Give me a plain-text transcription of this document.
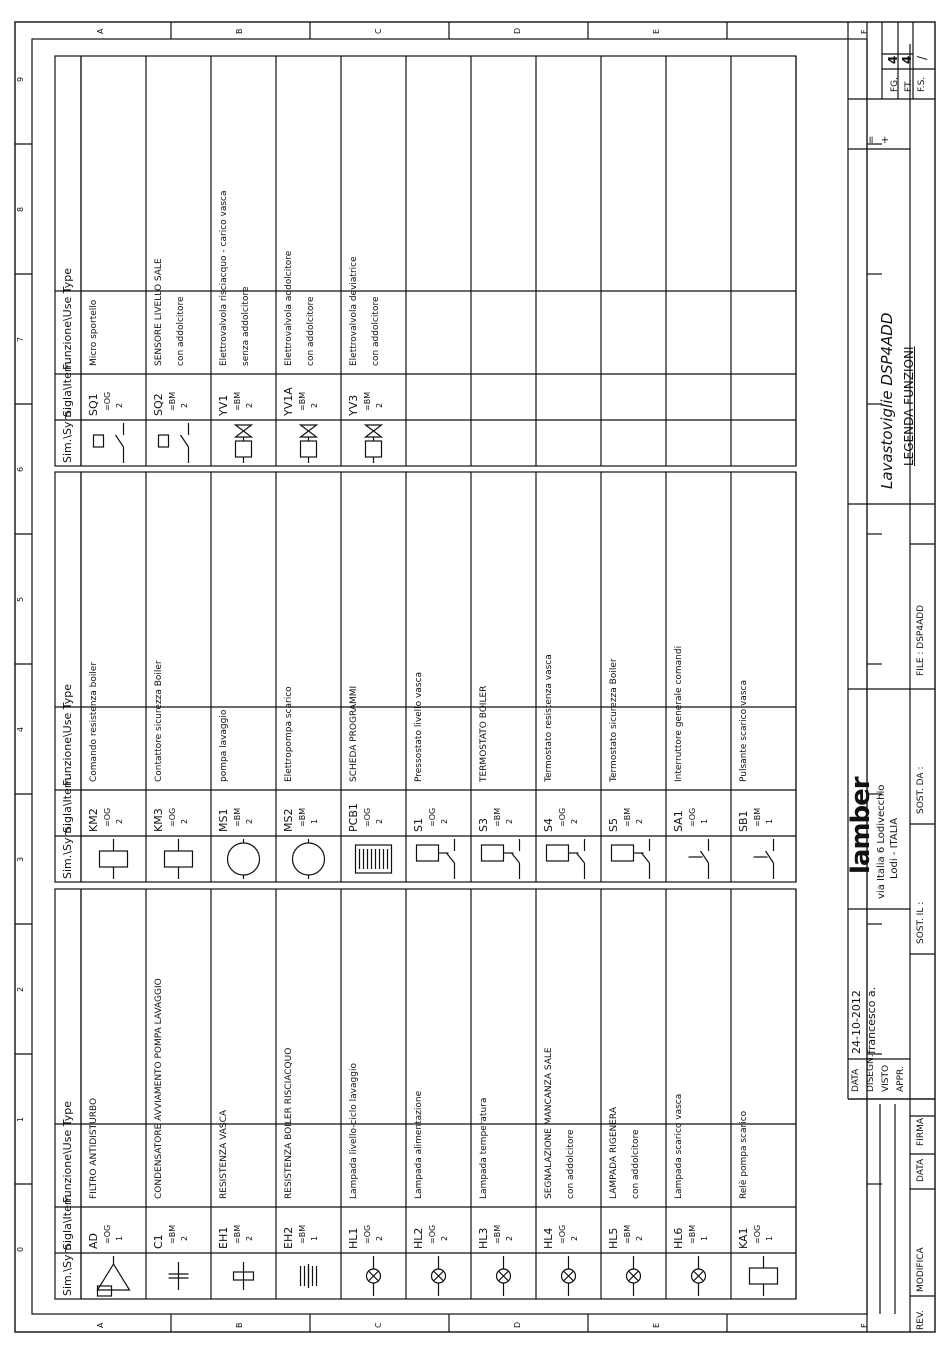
0
1
2
3
4
5
6
7
8
9
A
A
B
B
C
C
D
D
E
E
F
F
Sim.\Sym.
Sigla\Item
Funzione\Use Type
AD =OG 1
FILTRO ANTIDISTURBO
C1 =BM 2
CONDENSATORE AVVIAMENTO POMPA LAVAGGIO
EH1 =BM 2
RESISTENZA VASCA
EH2 =BM 1
RESISTENZA BOILER RISCIACQUO
HL1 =OG 2
Lampada livello-ciclo lavaggio
HL2 =OG 2
Lampada alimentazione
HL3 =BM 2
Lampada temperatura
HL4 =OG 2
SEGNALAZIONE MANCANZA SALE con addolcitore
HL5 =BM 2
LAMPADA RIGENERA con addolcitore
HL6 =BM 1
Lampada scarico vasca
KA1 =OG 1
Relè pompa scarico
Sim.\Sym.
Sigla\Item
Funzione\Use Type
KM2 =OG 2
Comando resistenza boiler
KM3 =OG 2
Contattore sicurezza Boiler
MS1 =BM 2
pompa lavaggio
MS2 =BM 1
Elettropompa scarico
PCB1 =OG 2
SCHEDA PROGRAMMI
S1 =OG 2
Pressostato livello vasca
S3 =BM 2
TERMOSTATO BOILER
S4 =OG 2
Termostato resistenza vasca
S5 =BM 2
Termostato sicurezza Boiler
SA1 =OG 1
Interruttore generale comandi
SB1 =BM 1
Pulsante scarico vasca
Sim.\Sym.
Sigla\Item
Funzione\Use Type
SQ1 =OG 2
Micro sportello
SQ2 =BM 2
SENSORE LIVELLO SALE con addolcitore
YV1 =BM 2
Elettrovalvola risciacquo - carico vasca senza addolcitore
YV1A =BM 2
Elettrovalvola addolcitore con addolcitore
YV3 =BM 2
Elettrovalvola deviatrice con addolcitore	Lavastoviglie DSP4ADD LEGENDA FUNZIONI
= +
FG.
4
FT.
4
F.S.
/
DATA
24-10-2012
DISEGN.
francesco a.
VISTO APPR.
lamber via Italia 6 Lodivecchio Lodi - ITALIA
REV.
MODIFICA
DATA
FIRMA
SOST. IL :
SOST. DA :
FILE : DSP4ADD
